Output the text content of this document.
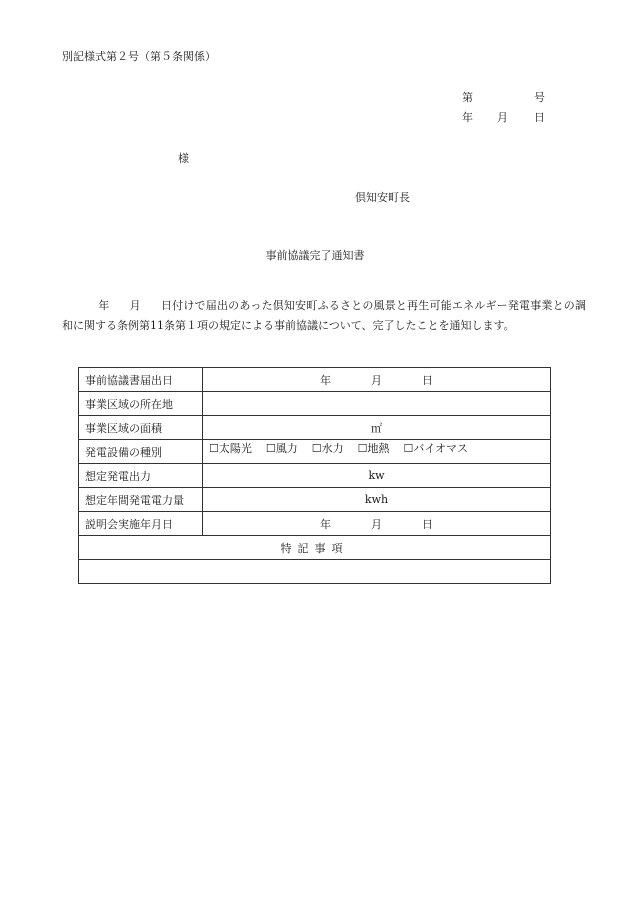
別記様式第２号（第５条関係）
第	号
年 月 日
様
倶知安町長
事前協議完了通知書
年 月 日付けで届出のあった倶知安町ふるさとの風景と再生可能エネルギー発電事業との調和に関する条例第11条第１項の規定による事前協議について、完了したことを通知します。
事前協議書届出日	年 月 日
事業区域の所在地	
事業区域の面積	㎡
発電設備の種別	☐太陽光 ☐風力 ☐水力 ☐地熱 ☐バイオマス
想定発電出力	kw
想定年間発電電力量	kwh
説明会実施年月日	年 月 日
特記事項	
